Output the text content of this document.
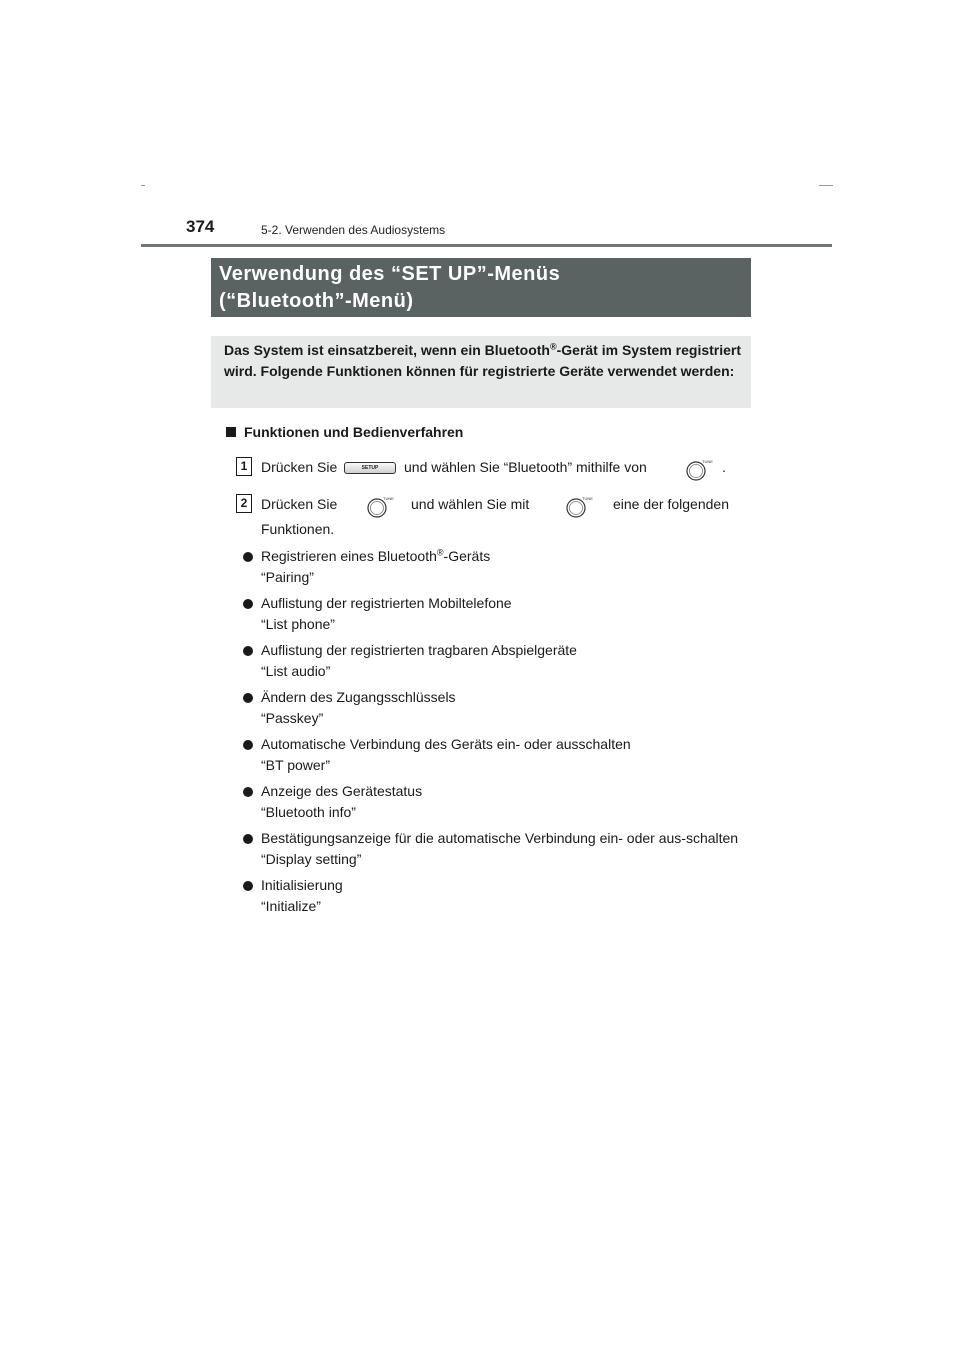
374	5-2. Verwenden des Audiosystems
Verwendung des “SET UP”-Menüs
(“Bluetooth”-Menü)
Das System ist einsatzbereit, wenn ein Bluetooth®-Gerät im System registriert wird. Folgende Funktionen können für registrierte Geräte verwendet werden:
Funktionen und Bedienverfahren
1 Drücken Sie	SETUP	und wählen Sie “Bluetooth” mithilfe von	TUNE .
2 Drücken Sie	TUNE und wählen Sie mit	TUNE eine der folgenden
Funktionen.
Registrieren eines Bluetooth®-Geräts
“Pairing”
Auflistung der registrierten Mobiltelefone
“List phone”
Auflistung der registrierten tragbaren Abspielgeräte
“List audio”
Ändern des Zugangsschlüssels
“Passkey”
Automatische Verbindung des Geräts ein- oder ausschalten
“BT power”
Anzeige des Gerätestatus
“Bluetooth info”
Bestätigungsanzeige für die automatische Verbindung ein- oder aus-schalten
“Display setting”
Initialisierung
“Initialize”
